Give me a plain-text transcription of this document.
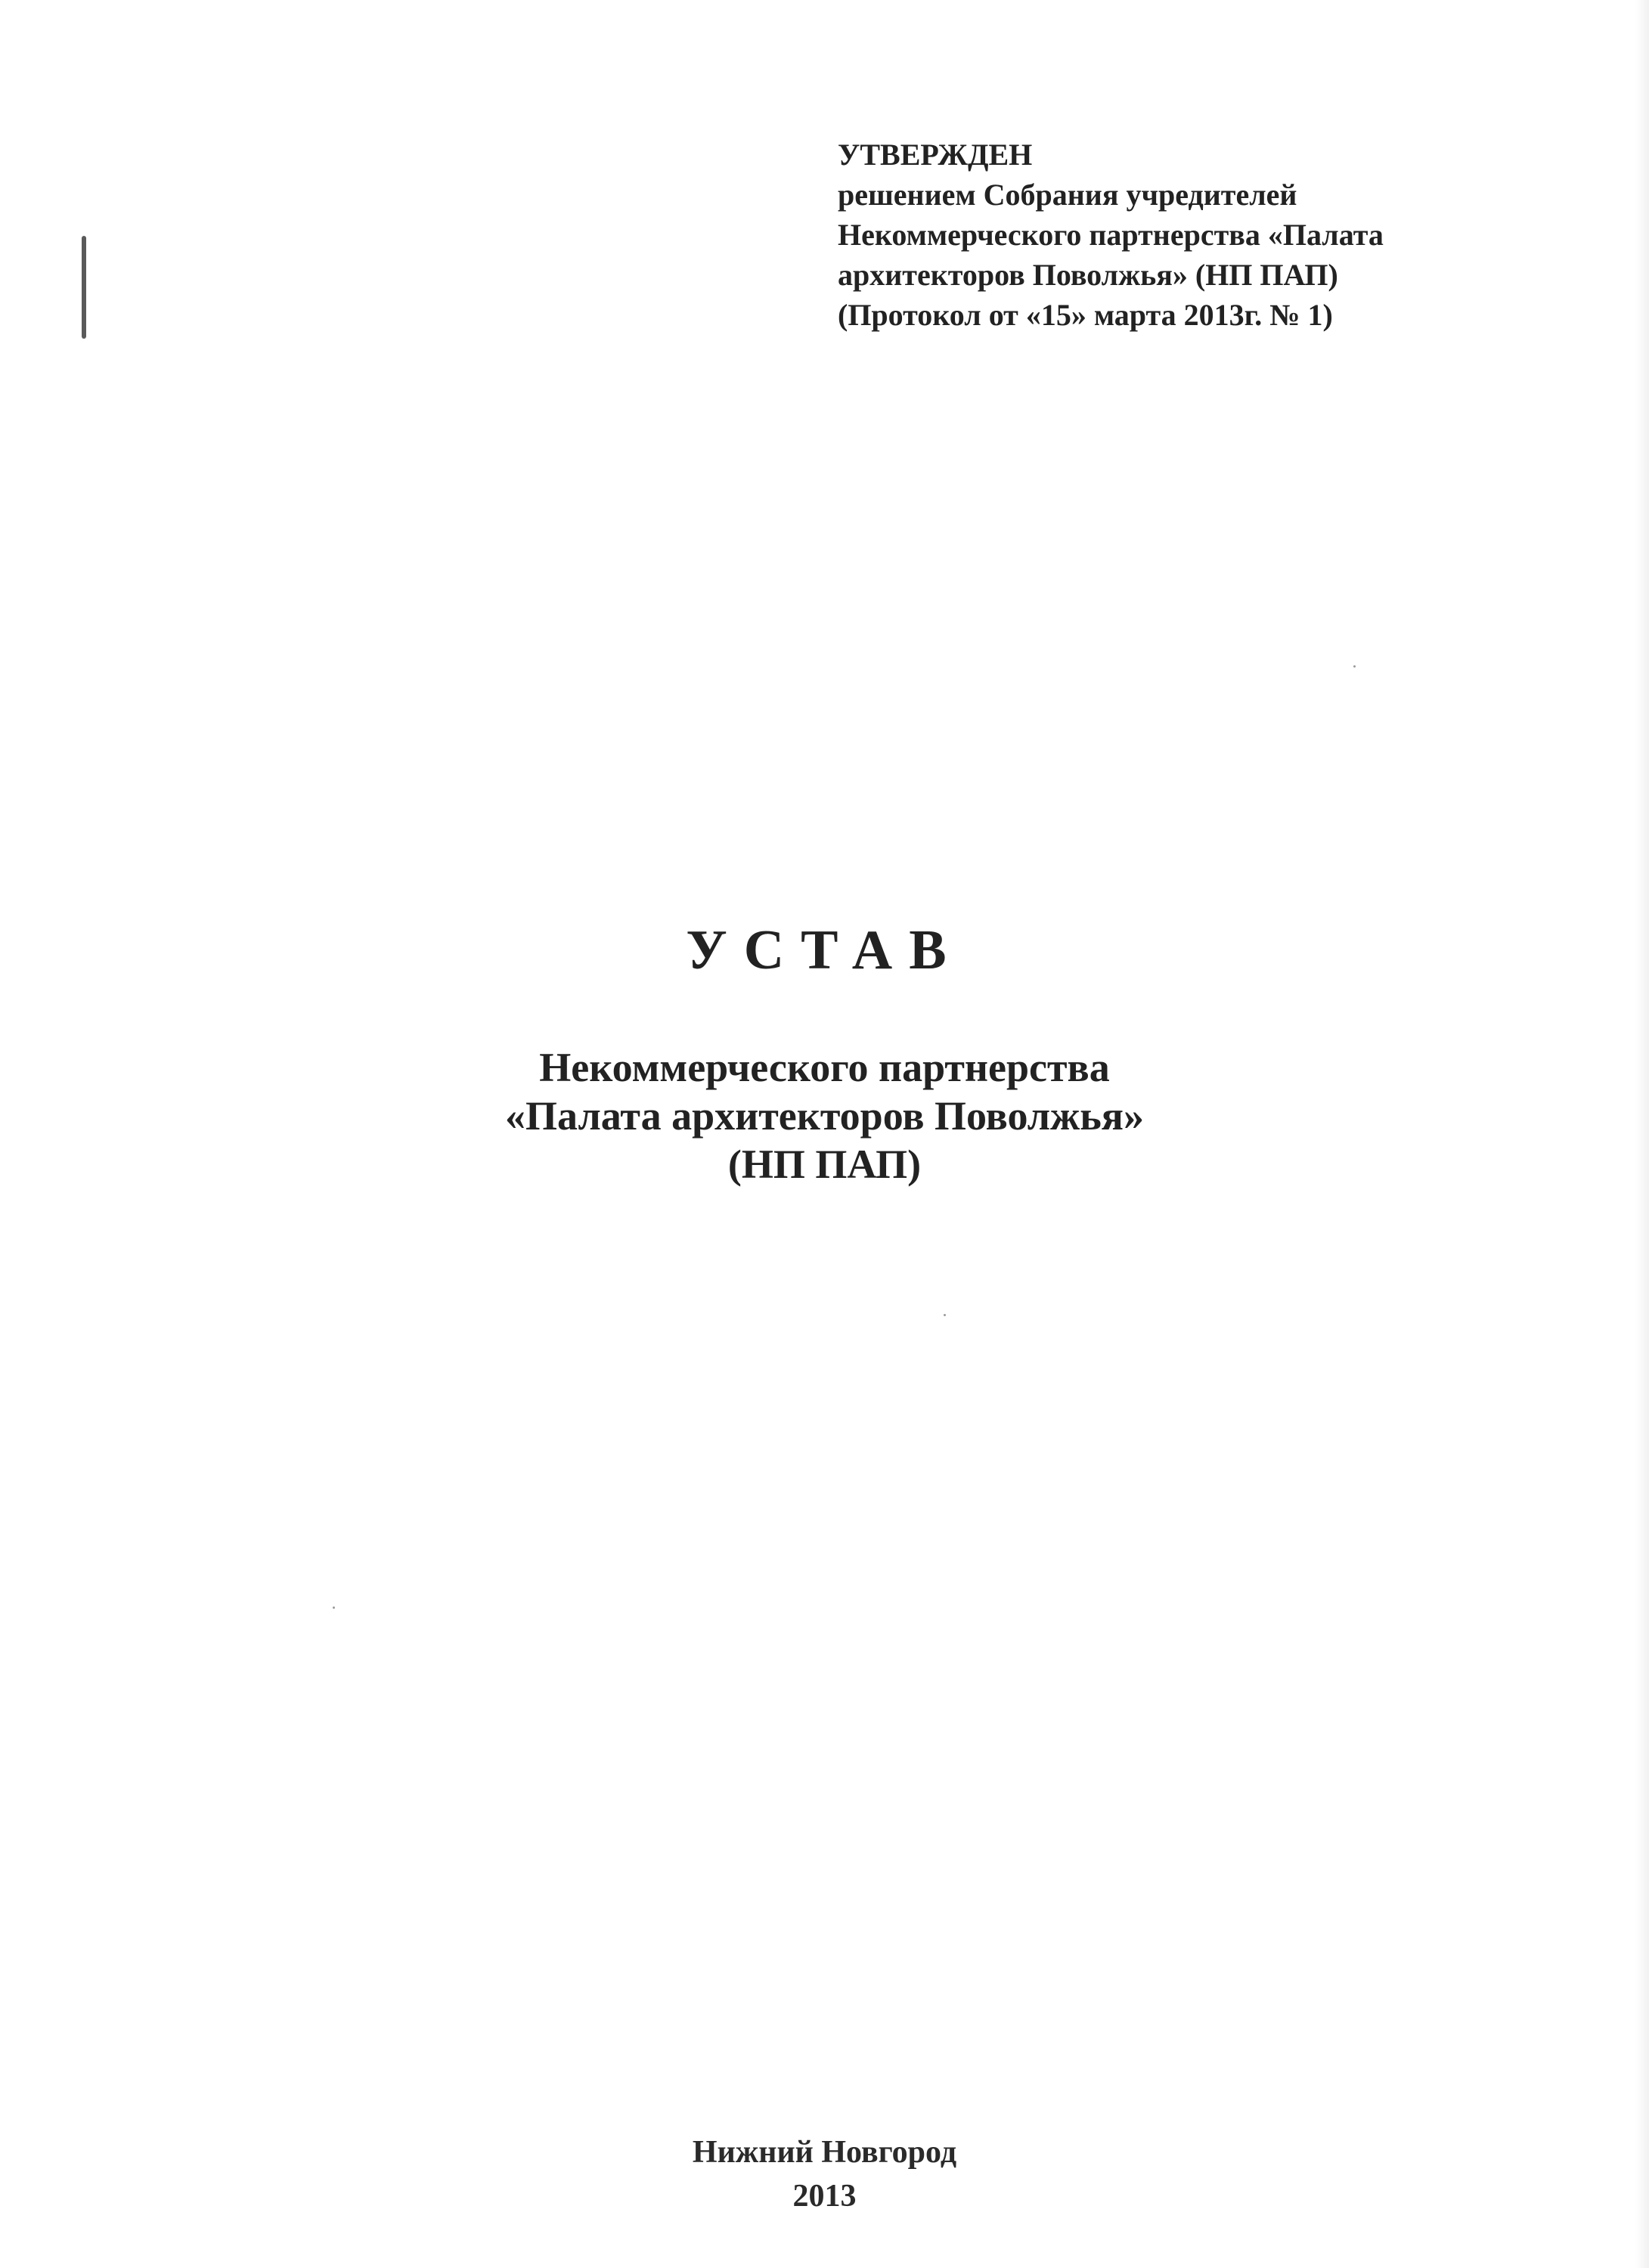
УТВЕРЖДЕН
решением Собрания учредителей
Некоммерческого партнерства «Палата
архитекторов Поволжья» (НП ПАП)
(Протокол от «15» марта 2013г. № 1)
УСТАВ
Некоммерческого партнерства
«Палата архитекторов Поволжья»
(НП ПАП)
Нижний Новгород
2013
